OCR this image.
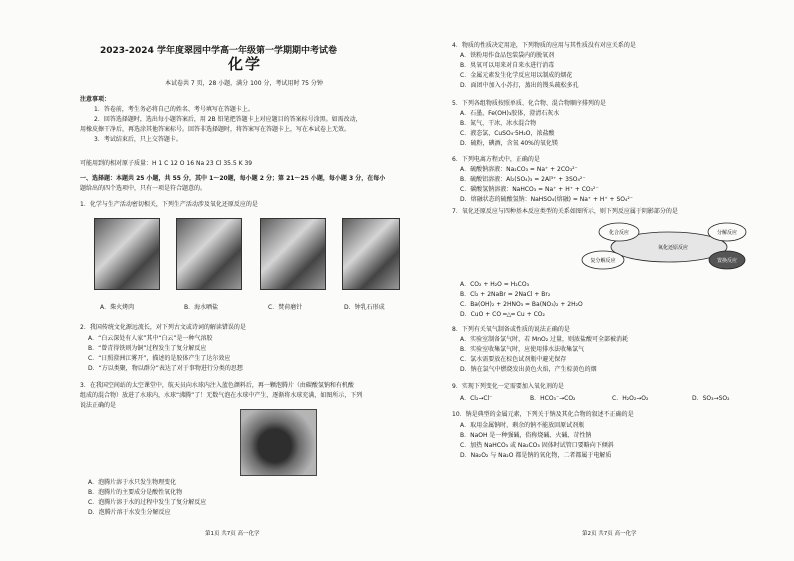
2023-2024 学年度翠园中学高一年级第一学期期中考试卷
化学
本试卷共 7 页，28 小题，满分 100 分，考试用时 75 分钟
注意事项：
1．答卷前，考生务必将自己的姓名、考号填写在答题卡上。
2．回答选择题时，选出每小题答案后，用 2B 铅笔把答题卡上对应题目的答案标号涂黑。如需改动，
用橡皮擦干净后，再选涂其他答案标号。回答非选择题时，将答案写在答题卡上，写在本试卷上无效。
3．考试结束后，只上交答题卡。
可能用到的相对原子质量：H 1 C 12 O 16 Na 23 Cl 35.5 K 39
一、选择题：本题共 25 小题，共 55 分，其中 1～20题，每小题 2 分；第 21～25 小题，每小题 3 分，在每小
题给出的四个选项中，只有一项是符合题意的。
1．化学与生产活动密切相关，下列生产活动涉及氧化还原反应的是
A．柴火烤肉	B．海水晒盐	C．焚荷磨针	D．钟乳石形成
2．我国传统文化源远流长，对下列古文或诗词的解读错误的是
A．“白云深处有人家”其中“白云”是一种气溶胶
B．“曾青得铁则为铜”过程发生了复分解反应
C．“日照澄洲江雾开”，描述的是胶体产生了达尔效应
D．“方以类聚，物以群分”表达了对于事物进行分类的思想
3．在我国空间站的太空课堂中，航天员向水球内注入蓝色颜料后，再一颗泡腾片（由碳酸氢钠和有机酸
组成的混合物）放进了水球内，水球“沸腾”了！无数气泡在水球中产生，逐渐将水球充满，如图所示，下列
说法正确的是
A．泡腾片溶于水只发生物理变化
B．泡腾片的主要成分是酸性氧化物
C．泡腾片溶于水的过程中发生了复分解反应
D．泡腾片溶于水发生分解反应
第1页 共7页 高一化学
4．物质的性质决定用途，下列物质的应用与其性质没有对应关系的是
A．铁粉用作食品包装袋内的脱氧剂
B．臭氧可以用来对自来水进行消毒
C．金属元素发生化学反应用以制成的烟花
D．面团中加入小苏打，蒸出的馒头疏松多孔
5．下列各组物质按照单质、化合物、混合物顺序排列的是
A．石墨，Fe(OH)₃胶体，澄清石灰水
B．氮气，干冰，冰水混合物
C．液态氯，CuSO₄·5H₂O，浓盐酸
D．硫粉，碘酒，含氧 40%的氧化镁
6．下列电离方程式中，正确的是
A．硫酸钠溶液：Na₂CO₃ = Na⁺ + 2CO₃²⁻
B．硫酸铝溶液：Al₂(SO₄)₃ = 2Al³⁺ + 3SO₄²⁻
C．碳酸氢钠溶液：NaHCO₃ = Na⁺ + H⁺ + CO₃²⁻
D．熔融状态的硫酸氢钠：NaHSO₄(熔融) = Na⁺ + H⁺ + SO₄²⁻
7．氧化还原反应与四种基本反应类型的关系如图所示，则下列反应属于阴影部分的是
化合反应	分解反应
氧化还原反应
复分解反应	置换反应
A．CO₂ + H₂O = H₂CO₃
B．Cl₂ + 2NaBr = 2NaCl + Br₂
C．Ba(OH)₂ + 2HNO₃ = Ba(NO₃)₂ + 2H₂O
D．CuO + CO ═△═ Cu + CO₂
8．下列有关氧气制备或性质的说法正确的是
A．实验室制备氯气时，若 MnO₂ 过量，则浓盐酸可全部被消耗
B．实验室收集氯气时，应使用排水法收集氯气
C．氯水需要放在棕色试剂瓶中避光保存
D．钠在氯气中燃烧发出黄色火焰，产生棕黄色的烟
9．实现下列变化一定需要加入氧化剂的是
A．Cl₂→Cl⁻	B．HCO₃⁻→CO₂	C．H₂O₂→O₂	D．SO₃→SO₂
10．钠是典型的金属元素，下列关于钠及其化合物的叙述不正确的是
A．取用金属钠时，剩余的钠不能放回原试剂瓶
B．NaOH 是一种强碱，俗称烧碱、火碱、苛性钠
C．加热 NaHCO₃ 或 Na₂CO₃ 固体时试管口要略向下倾斜
D．Na₂O₂ 与 Na₂O 都是钠的氧化物，二者都属于电解质
第2页 共7页 高一化学
